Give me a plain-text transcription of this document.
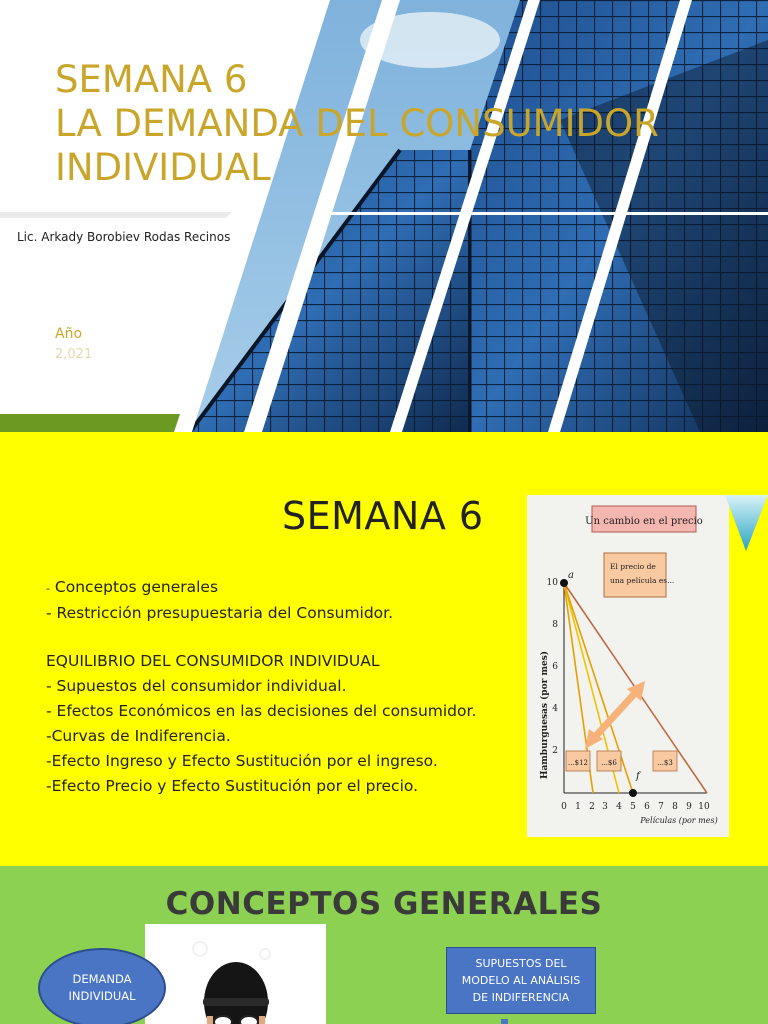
SEMANA 6
LA DEMANDA DEL CONSUMIDOR
INDIVIDUAL
Lic. Arkady Borobiev Rodas Recinos
Año
2,021
SEMANA 6
- Conceptos generales
- Restricción presupuestaria del Consumidor.
EQUILIBRIO DEL CONSUMIDOR INDIVIDUAL
- Supuestos del consumidor individual.
- Efectos Económicos en las decisiones del consumidor.
-Curvas de Indiferencia.
-Efecto Ingreso y Efecto Sustitución por el ingreso.
-Efecto Precio y Efecto Sustitución por el precio.
Un cambio en el precio
El precio de
una película es...
Hamburguesas (por mes) 2
4
6
8
10
a
f
...$12 ...$6	...$3
0 1 2 3 4 5 6 7 8 9 10
Películas (por mes)
CONCEPTOS GENERALES
DEMANDA INDIVIDUAL
SUPUESTOS DEL MODELO AL ANÁLISIS DE INDIFERENCIA
